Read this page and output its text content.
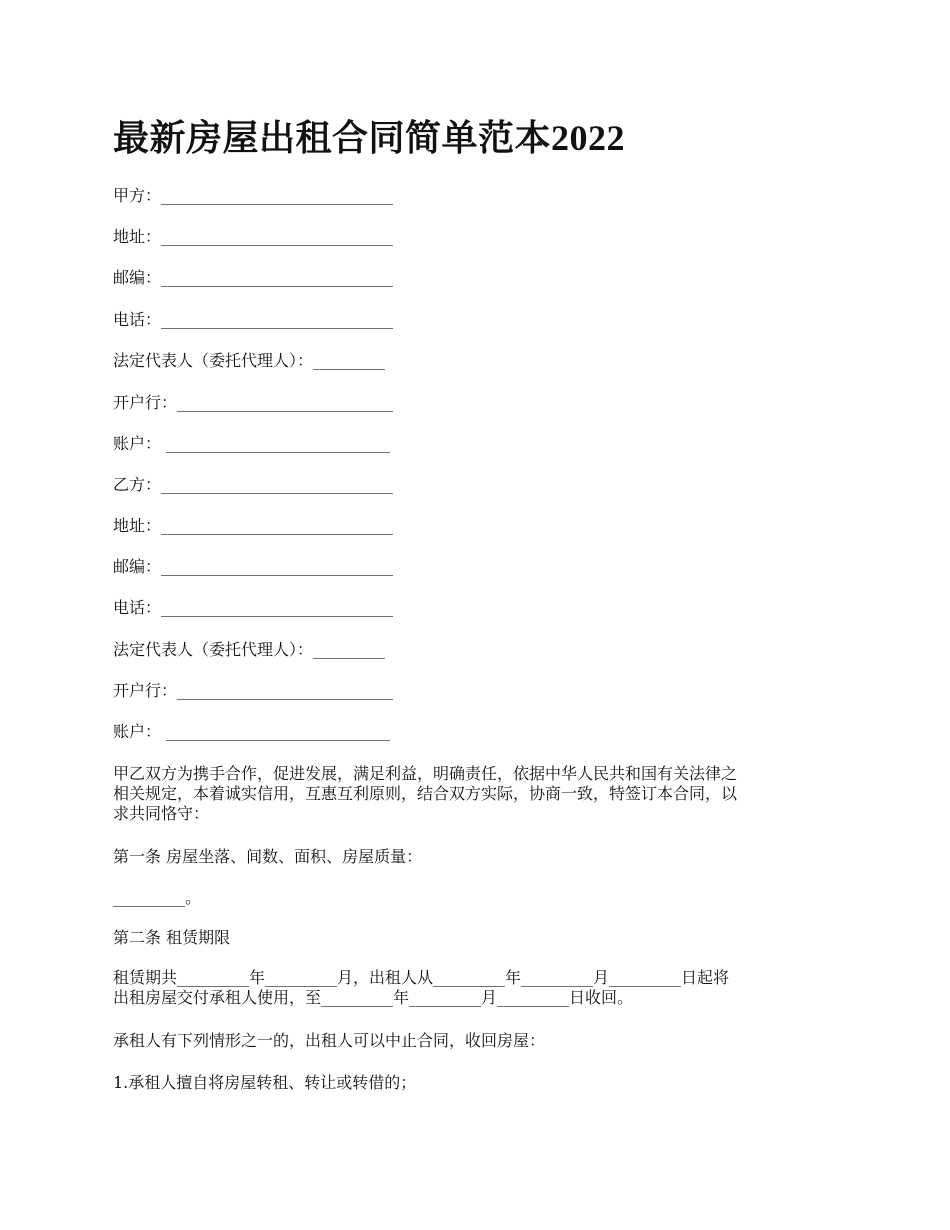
最新房屋出租合同简单范本2022
甲方：_____________________________
地址：_____________________________
邮编：_____________________________
电话：_____________________________
法定代表人（委托代理人）：_________
开户行：___________________________
账户： ____________________________
乙方：_____________________________
地址：_____________________________
邮编：_____________________________
电话：_____________________________
法定代表人（委托代理人）：_________
开户行：___________________________
账户： ____________________________
甲乙双方为携手合作，促进发展，满足利益，明确责任，依据中华人民共和国有关法律之
相关规定，本着诚实信用，互惠互利原则，结合双方实际，协商一致，特签订本合同，以
求共同恪守：
第一条 房屋坐落、间数、面积、房屋质量：
_________。
第二条 租赁期限
租赁期共_________年_________月，出租人从_________年_________月_________日起将
出租房屋交付承租人使用，至_________年_________月_________日收回。
承租人有下列情形之一的，出租人可以中止合同，收回房屋：
1.承租人擅自将房屋转租、转让或转借的；
